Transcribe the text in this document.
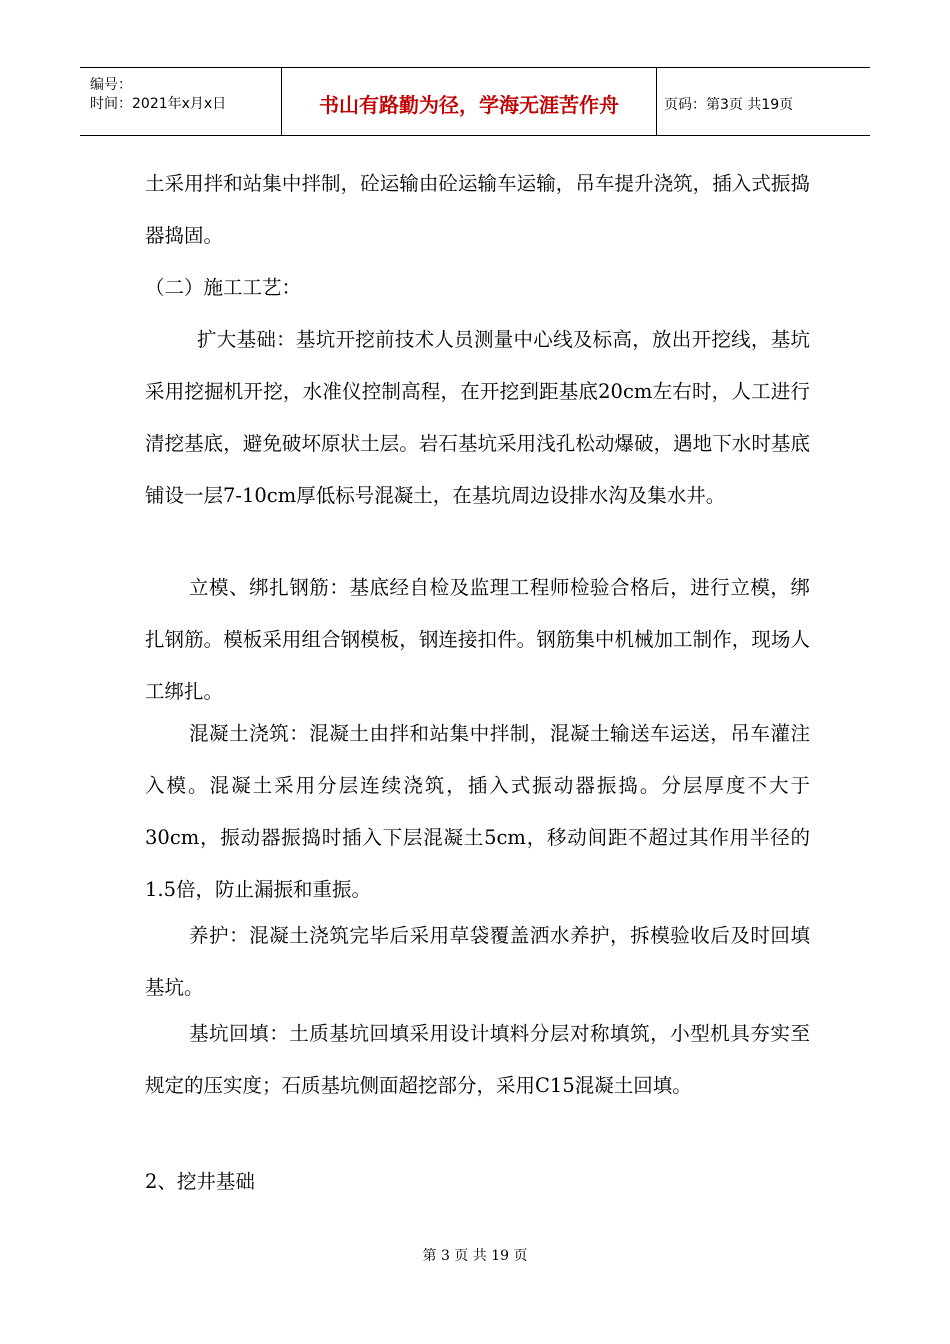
编号：
时间：2021年x月x日	书山有路勤为径，学海无涯苦作舟	页码：第3页 共19页

土采用拌和站集中拌制，砼运输由砼运输车运输，吊车提升浇筑，插入式振捣器捣固。

（二）施工工艺：

扩大基础：基坑开挖前技术人员测量中心线及标高，放出开挖线，基坑采用挖掘机开挖，水准仪控制高程，在开挖到距基底20cm左右时，人工进行清挖基底，避免破坏原状土层。岩石基坑采用浅孔松动爆破，遇地下水时基底铺设一层7-10cm厚低标号混凝土，在基坑周边设排水沟及集水井。

立模、绑扎钢筋：基底经自检及监理工程师检验合格后，进行立模，绑扎钢筋。模板采用组合钢模板，钢连接扣件。钢筋集中机械加工制作，现场人工绑扎。

混凝土浇筑：混凝土由拌和站集中拌制，混凝土输送车运送，吊车灌注入模。混凝土采用分层连续浇筑，插入式振动器振捣。分层厚度不大于30cm，振动器振捣时插入下层混凝土5cm，移动间距不超过其作用半径的1.5倍，防止漏振和重振。

养护：混凝土浇筑完毕后采用草袋覆盖洒水养护，拆模验收后及时回填基坑。

基坑回填：土质基坑回填采用设计填料分层对称填筑，小型机具夯实至规定的压实度；石质基坑侧面超挖部分，采用C15混凝土回填。

2、挖井基础

第 3 页 共 19 页
